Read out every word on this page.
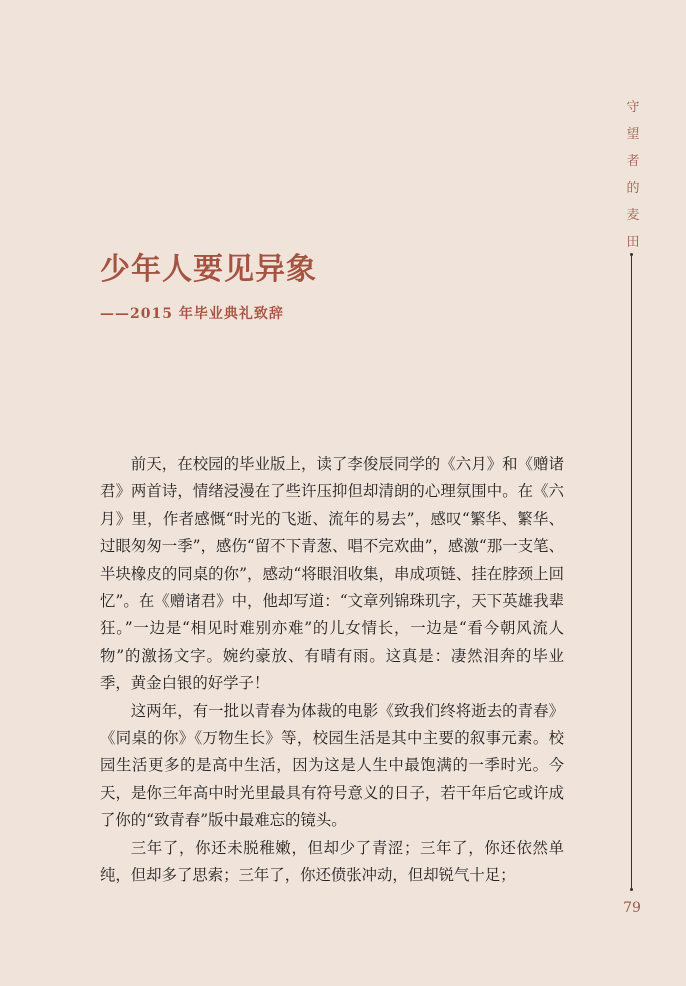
守
望
者
的
麦
田
79
少年人要见异象
——2015 年毕业典礼致辞

前天，在校园的毕业版上，读了李俊辰同学的《六月》和《赠诸君》两首诗，情绪浸漫在了些许压抑但却清朗的心理氛围中。在《六月》里，作者感慨“时光的飞逝、流年的易去”，感叹“繁华、繁华、过眼匆匆一季”，感伤“留不下青葱、唱不完欢曲”，感激“那一支笔、半块橡皮的同桌的你”，感动“将眼泪收集，串成项链、挂在脖颈上回忆”。在《赠诸君》中，他却写道：“文章列锦珠玑字，天下英雄我辈狂。”一边是“相见时难别亦难”的儿女情长，一边是“看今朝风流人物”的激扬文字。婉约豪放、有晴有雨。这真是：凄然泪奔的毕业季，黄金白银的好学子！

这两年，有一批以青春为体裁的电影《致我们终将逝去的青春》《同桌的你》《万物生长》等，校园生活是其中主要的叙事元素。校园生活更多的是高中生活，因为这是人生中最饱满的一季时光。今天，是你三年高中时光里最具有符号意义的日子，若干年后它或许成了你的“致青春”版中最难忘的镜头。

三年了，你还未脱稚嫩，但却少了青涩；三年了，你还依然单纯，但却多了思索；三年了，你还偾张冲动，但却锐气十足；
